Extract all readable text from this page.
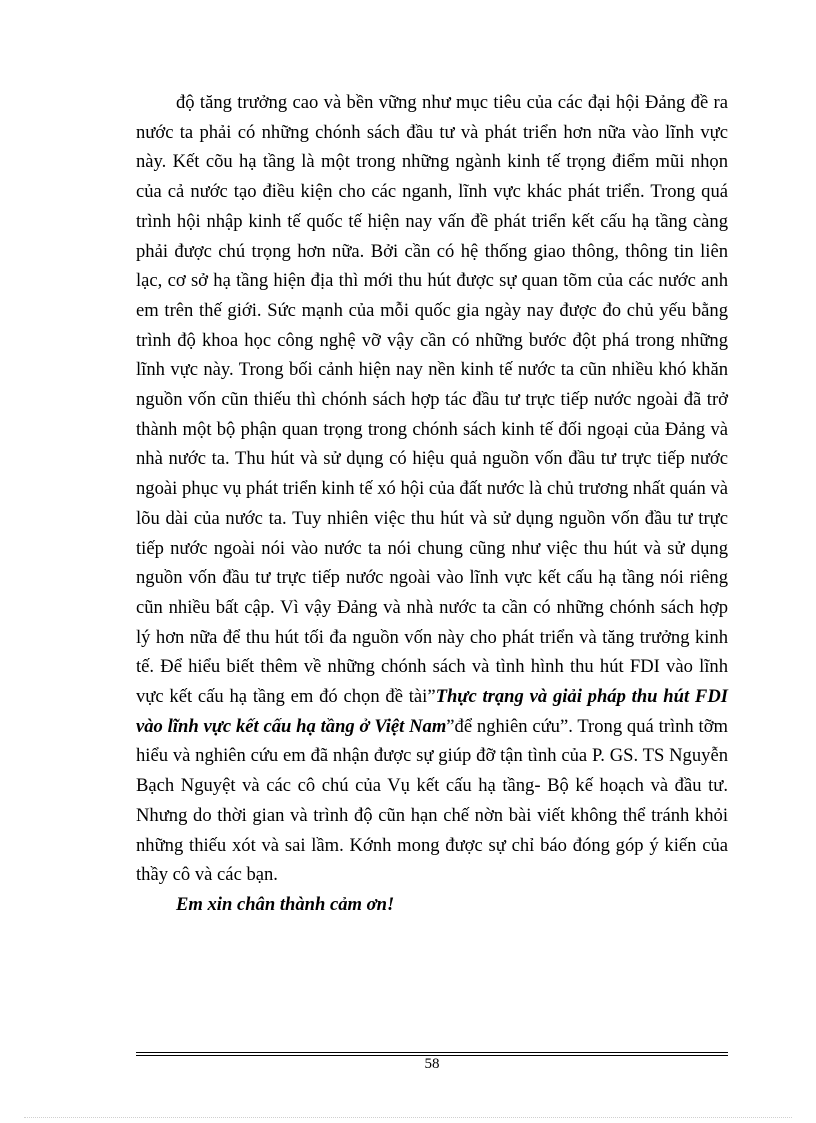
độ tăng trưởng cao và bền vững như mục tiêu của các đại hội Đảng đề ra nước ta phải có những chónh sách đầu tư và phát triển hơn nữa vào lĩnh vực này. Kết cõu hạ tầng là một trong những ngành kinh tế trọng điểm mũi nhọn của cả nước tạo điều kiện cho các nganh, lĩnh vực khác phát triển. Trong quá trình hội nhập kinh tế quốc tế hiện nay vấn đề phát triển kết cấu hạ tầng càng phải được chú trọng hơn nữa. Bởi cần có hệ thống giao thông, thông tin liên lạc, cơ sở hạ tầng hiện địa thì mới thu hút được sự quan tõm của các nước anh em trên thế giới. Sức mạnh của mỗi quốc gia ngày nay được đo chủ yếu bằng trình độ khoa học công nghệ vỡ vậy cần có những bước đột phá trong những lĩnh vực này. Trong bối cảnh hiện nay nền kinh tế nước ta cũn nhiều khó khăn nguồn vốn cũn thiếu thì chónh sách hợp tác đầu tư trực tiếp nước ngoài đã trở thành một bộ phận quan trọng trong chónh sách kinh tế đối ngoại của Đảng và nhà nước ta. Thu hút và sử dụng có hiệu quả nguồn vốn đầu tư trực tiếp nước ngoài phục vụ phát triển kinh tế xó hội của đất nước là chủ trương nhất quán và lõu dài của nước ta. Tuy nhiên việc thu hút và sử dụng nguồn vốn đầu tư trực tiếp nước ngoài nói vào nước ta nói chung cũng như việc thu hút và sử dụng nguồn vốn đầu tư trực tiếp nước ngoài vào lĩnh vực kết cấu hạ tầng nói riêng cũn nhiều bất cập. Vì vậy Đảng và nhà nước ta cần có những chónh sách hợp lý hơn nữa để thu hút tối đa nguồn vốn này cho phát triển và tăng trưởng kinh tế. Để hiểu biết thêm về những chónh sách và tình hình thu hút FDI vào lĩnh vực kết cấu hạ tầng em đó chọn đề tài”Thực trạng và giải pháp thu hút FDI vào lĩnh vực kết cấu hạ tầng ở Việt Nam”để nghiên cứu”. Trong quá trình tỡm hiểu và nghiên cứu em đã nhận được sự giúp đỡ tận tình của P. GS. TS Nguyễn Bạch Nguyệt và các cô chú của Vụ kết cấu hạ tầng- Bộ kế hoạch và đầu tư. Nhưng do thời gian và trình độ cũn hạn chế nờn bài viết không thể tránh khỏi những thiếu xót và sai lầm. Kớnh mong được sự chỉ báo đóng góp ý kiến của thầy cô và các bạn.

Em xin chân thành cảm ơn!

58
